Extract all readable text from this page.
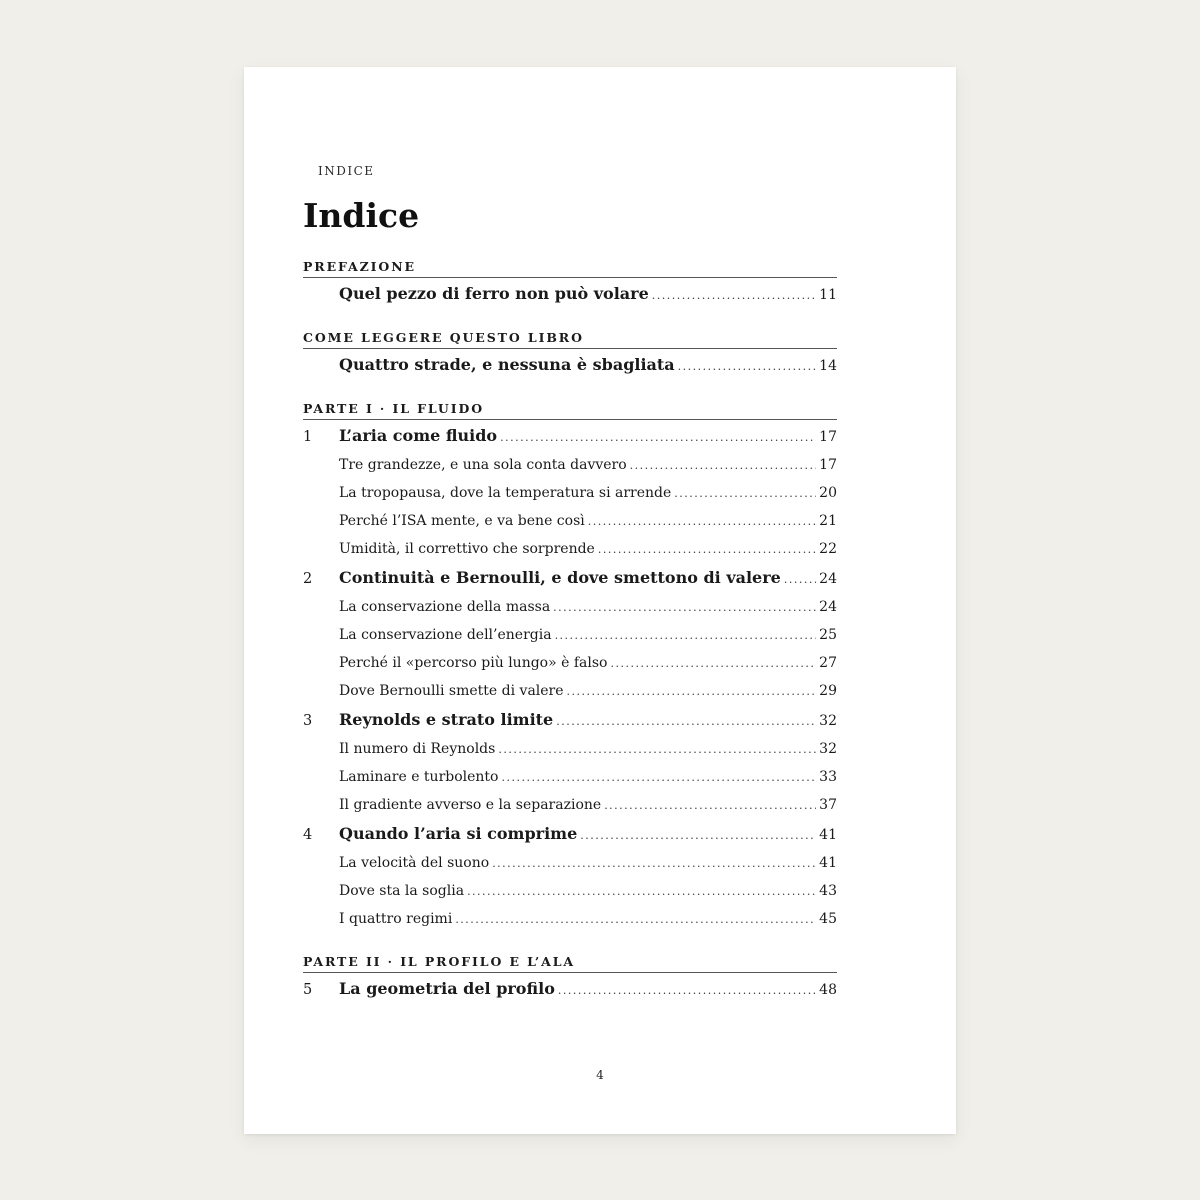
INDICE
Indice
PREFAZIONE
Quel pezzo di ferro non può volare .....	11
COME LEGGERE QUESTO LIBRO
Quattro strade, e nessuna è sbagliata .....	14
PARTE I · IL FLUIDO
1	L’aria come fluido .....	17
Tre grandezze, e una sola conta davvero .....	17
La tropopausa, dove la temperatura si arrende .....	20
Perché l’ISA mente, e va bene così .....	21
Umidità, il correttivo che sorprende .....	22
2	Continuità e Bernoulli, e dove smettono di valere .....	24
La conservazione della massa .....	24
La conservazione dell’energia .....	25
Perché il «percorso più lungo» è falso .....	27
Dove Bernoulli smette di valere .....	29
3	Reynolds e strato limite .....	32
Il numero di Reynolds .....	32
Laminare e turbolento .....	33
Il gradiente avverso e la separazione .....	37
4	Quando l’aria si comprime .....	41
La velocità del suono .....	41
Dove sta la soglia .....	43
I quattro regimi .....	45
PARTE II · IL PROFILO E L’ALA
5	La geometria del profilo .....	48
4
